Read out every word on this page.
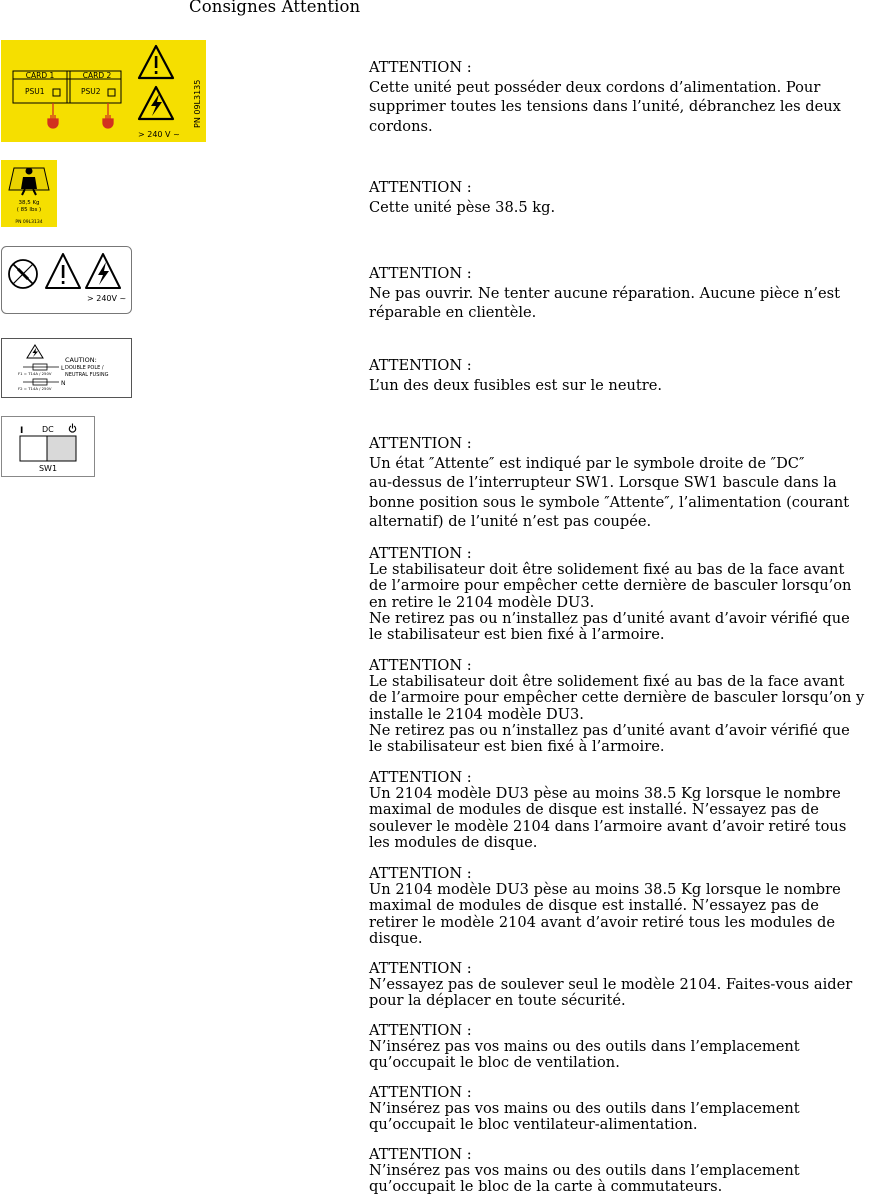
Consignes Attention
CARD 1	CARD 2
PSU1	PSU2
> 240 V ~
PN 09L3135
38,5 Kg
( 85 lbs )
PN 09L3134
> 240V ~
L
N
F1 = T14A / 250V
F2 = T14A / 250V
CAUTION:
DOUBLE POLE /
NEUTRAL FUSING
I DC
SW1
ATTENTION :
Cette unité peut posséder deux cordons d’alimentation. Pour
supprimer toutes les tensions dans l’unité, débranchez les deux
cordons.
ATTENTION :
Cette unité pèse 38.5 kg.
ATTENTION :
Ne pas ouvrir. Ne tenter aucune réparation. Aucune pièce n’est
réparable en clientèle.
ATTENTION :
L’un des deux fusibles est sur le neutre.
ATTENTION :
Un état ″Attente″ est indiqué par le symbole droite de ″DC″
au-dessus de l’interrupteur SW1. Lorsque SW1 bascule dans la
bonne position sous le symbole ″Attente″, l’alimentation (courant
alternatif) de l’unité n’est pas coupée.
ATTENTION :
Le stabilisateur doit être solidement fixé au bas de la face avant
de l’armoire pour empêcher cette dernière de basculer lorsqu’on
en retire le 2104 modèle DU3.
Ne retirez pas ou n’installez pas d’unité avant d’avoir vérifié que
le stabilisateur est bien fixé à l’armoire.
ATTENTION :
Le stabilisateur doit être solidement fixé au bas de la face avant
de l’armoire pour empêcher cette dernière de basculer lorsqu’on y
installe le 2104 modèle DU3.
Ne retirez pas ou n’installez pas d’unité avant d’avoir vérifié que
le stabilisateur est bien fixé à l’armoire.
ATTENTION :
Un 2104 modèle DU3 pèse au moins 38.5 Kg lorsque le nombre
maximal de modules de disque est installé. N’essayez pas de
soulever le modèle 2104 dans l’armoire avant d’avoir retiré tous
les modules de disque.
ATTENTION :
Un 2104 modèle DU3 pèse au moins 38.5 Kg lorsque le nombre
maximal de modules de disque est installé. N’essayez pas de
retirer le modèle 2104 avant d’avoir retiré tous les modules de
disque.
ATTENTION :
N’essayez pas de soulever seul le modèle 2104. Faites-vous aider
pour la déplacer en toute sécurité.
ATTENTION :
N’insérez pas vos mains ou des outils dans l’emplacement
qu’occupait le bloc de ventilation.
ATTENTION :
N’insérez pas vos mains ou des outils dans l’emplacement
qu’occupait le bloc ventilateur-alimentation.
ATTENTION :
N’insérez pas vos mains ou des outils dans l’emplacement
qu’occupait le bloc de la carte à commutateurs.
